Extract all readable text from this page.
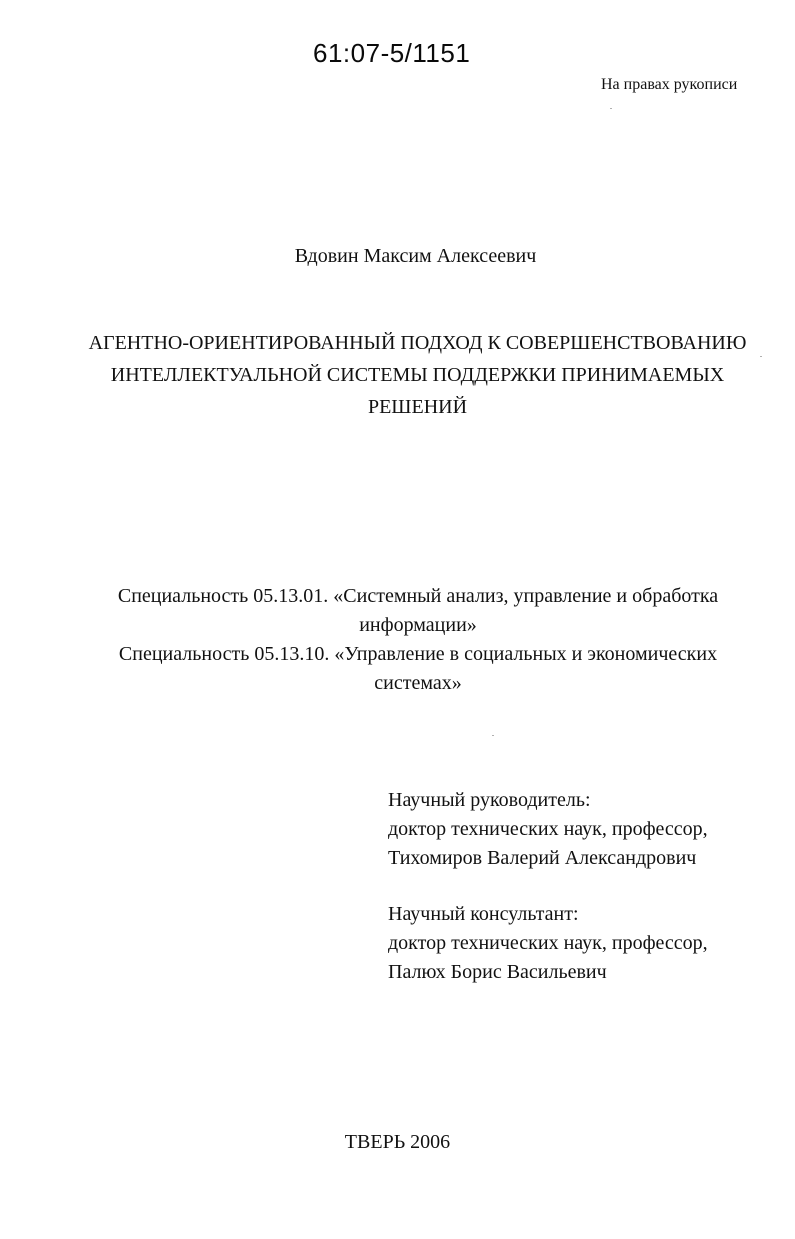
61:07-5/1151
На правах рукописи
Вдовин Максим Алексеевич
АГЕНТНО-ОРИЕНТИРОВАННЫЙ ПОДХОД К СОВЕРШЕНСТВОВАНИЮ
ИНТЕЛЛЕКТУАЛЬНОЙ СИСТЕМЫ ПОДДЕРЖКИ ПРИНИМАЕМЫХ
РЕШЕНИЙ
Специальность 05.13.01. «Системный анализ, управление и обработка
информации»
Специальность 05.13.10. «Управление в социальных и экономических
системах»
Научный руководитель:
доктор технических наук, профессор,
Тихомиров Валерий Александрович
Научный консультант:
доктор технических наук, профессор,
Палюх Борис Васильевич
ТВЕРЬ 2006
